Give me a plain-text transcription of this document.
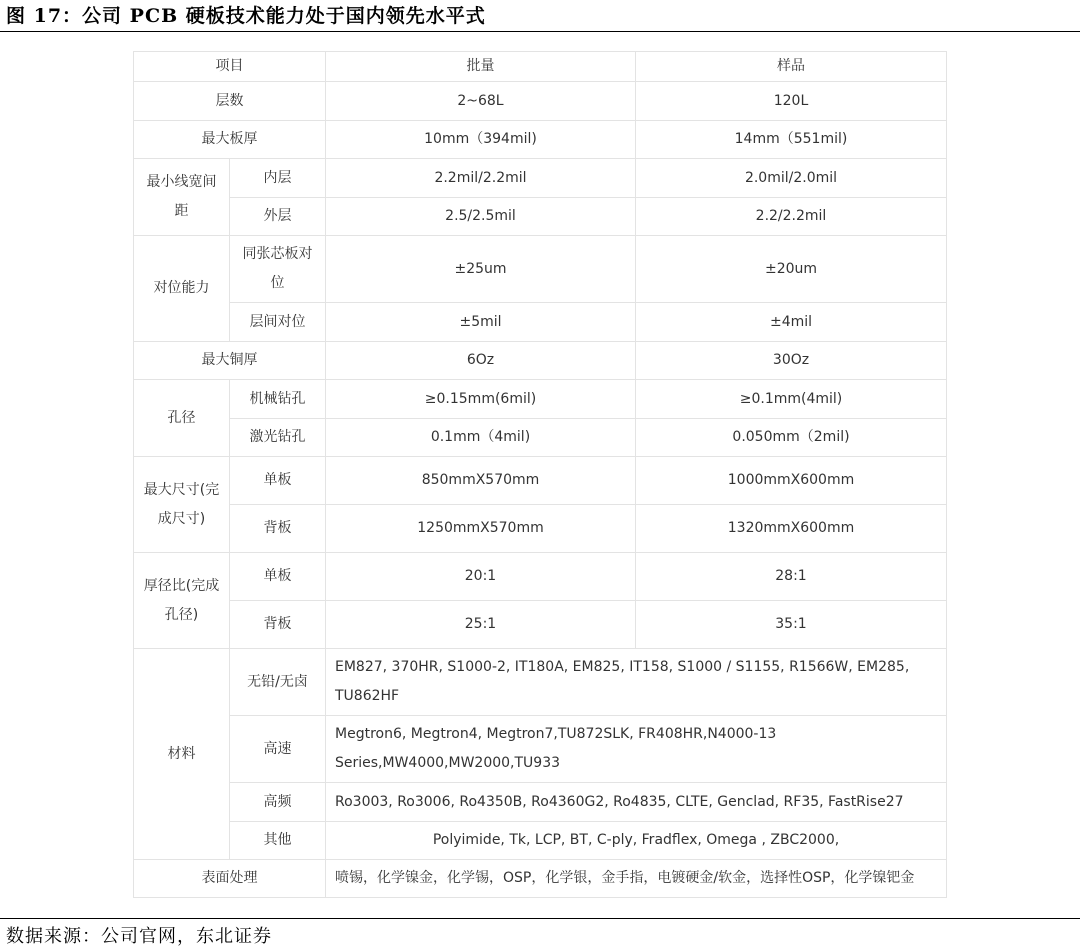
图 17：公司 PCB 硬板技术能力处于国内领先水平式
项目		批量	样品
层数		2~68L	120L
最大板厚		10mm（394mil)	14mm（551mil)
最小线宽间距	内层	2.2mil/2.2mil	2.0mil/2.0mil
	外层	2.5/2.5mil	2.2/2.2mil
对位能力	同张芯板对位	±25um	±20um
	层间对位	±5mil	±4mil
最大铜厚		6Oz	30Oz
孔径	机械钻孔	≥0.15mm(6mil)	≥0.1mm(4mil)
	激光钻孔	0.1mm（4mil)	0.050mm（2mil)
最大尺寸(完成尺寸)	单板	850mmX570mm	1000mmX600mm
	背板	1250mmX570mm	1320mmX600mm
厚径比(完成孔径)	单板	20:1	28:1
	背板	25:1	35:1
材料	无铅/无卤	EM827, 370HR, S1000-2, IT180A, EM825, IT158, S1000 / S1155, R1566W, EM285, TU862HF	
	高速	Megtron6, Megtron4, Megtron7,TU872SLK, FR408HR,N4000-13 Series,MW4000,MW2000,TU933	
	高频	Ro3003, Ro3006, Ro4350B, Ro4360G2, Ro4835, CLTE, Genclad, RF35, FastRise27	
	其他	Polyimide, Tk, LCP, BT, C-ply, Fradflex, Omega , ZBC2000,	
表面处理		喷锡，化学镍金，化学锡，OSP，化学银，金手指，电镀硬金/软金，选择性OSP，化学镍钯金	
数据来源：公司官网，东北证券
